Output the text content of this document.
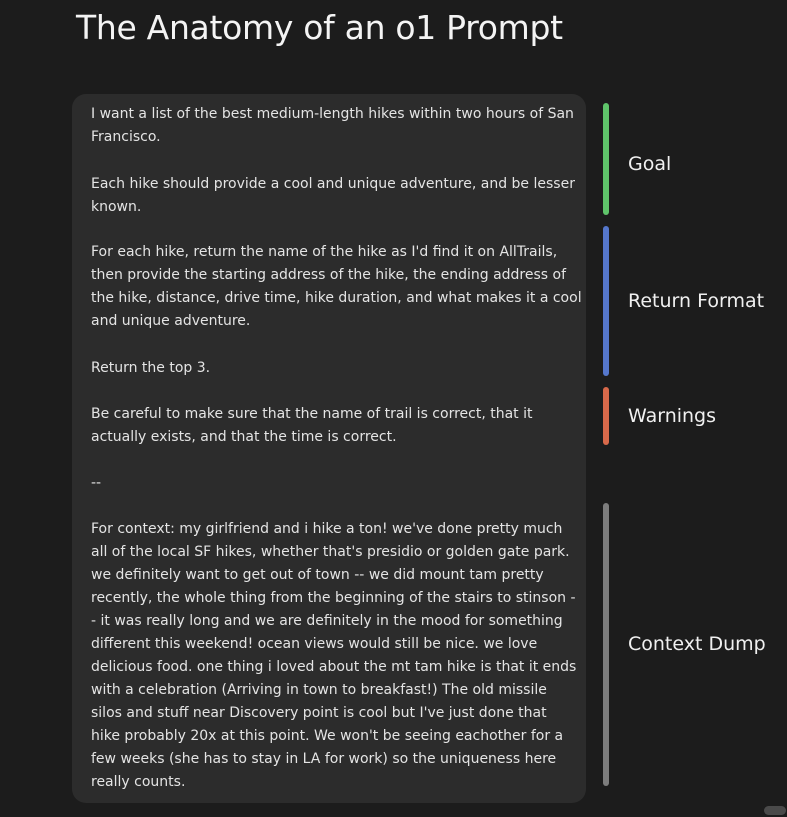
The Anatomy of an o1 Prompt
I want a list of the best medium-length hikes within two hours of San
Francisco.
Each hike should provide a cool and unique adventure, and be lesser
known.
For each hike, return the name of the hike as I'd find it on AllTrails,
then provide the starting address of the hike, the ending address of
the hike, distance, drive time, hike duration, and what makes it a cool
and unique adventure.
Return the top 3.
Be careful to make sure that the name of trail is correct, that it
actually exists, and that the time is correct.
--
For context: my girlfriend and i hike a ton! we've done pretty much
all of the local SF hikes, whether that's presidio or golden gate park.
we definitely want to get out of town -- we did mount tam pretty
recently, the whole thing from the beginning of the stairs to stinson -
- it was really long and we are definitely in the mood for something
different this weekend! ocean views would still be nice. we love
delicious food. one thing i loved about the mt tam hike is that it ends
with a celebration (Arriving in town to breakfast!) The old missile
silos and stuff near Discovery point is cool but I've just done that
hike probably 20x at this point. We won't be seeing eachother for a
few weeks (she has to stay in LA for work) so the uniqueness here
really counts.
Goal
Return Format
Warnings
Context Dump
